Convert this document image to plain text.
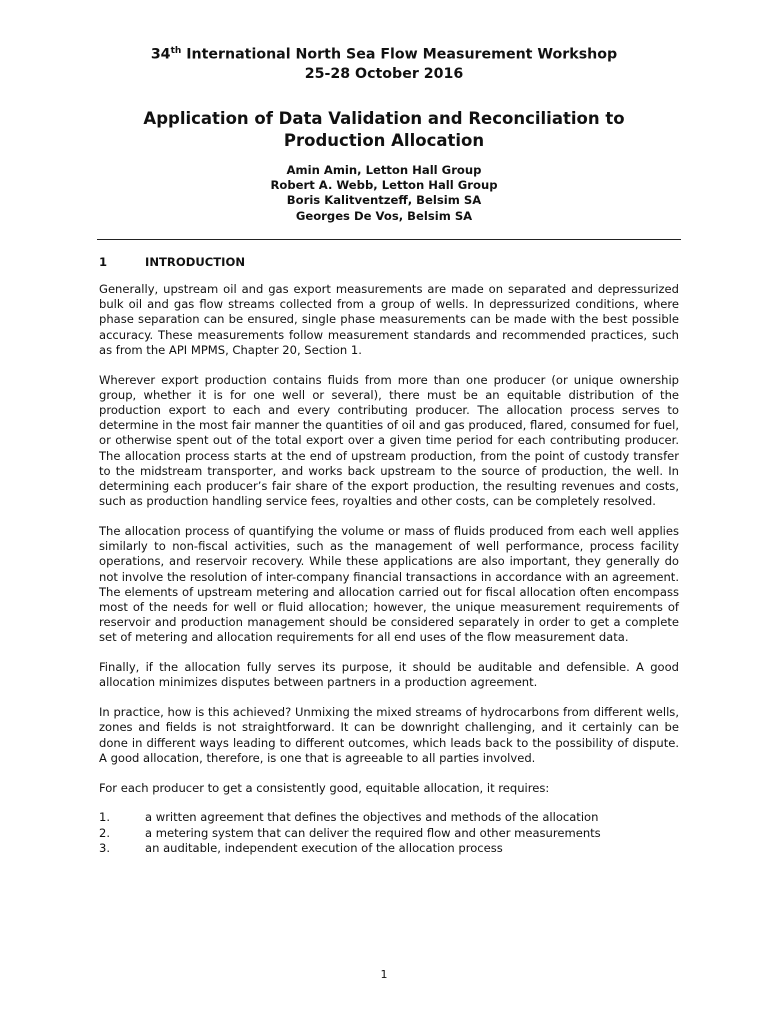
34th International North Sea Flow Measurement Workshop
25-28 October 2016
Application of Data Validation and Reconciliation to
Production Allocation
Amin Amin, Letton Hall Group
Robert A. Webb, Letton Hall Group
Boris Kalitventzeff, Belsim SA
Georges De Vos, Belsim SA
1	INTRODUCTION

Generally, upstream oil and gas export measurements are made on separated and depressurized bulk oil and gas flow streams collected from a group of wells. In depressurized conditions, where phase separation can be ensured, single phase measurements can be made with the best possible accuracy. These measurements follow measurement standards and recommended practices, such as from the API MPMS, Chapter 20, Section 1.

Wherever export production contains fluids from more than one producer (or unique ownership group, whether it is for one well or several), there must be an equitable distribution of the production export to each and every contributing producer. The allocation process serves to determine in the most fair manner the quantities of oil and gas produced, flared, consumed for fuel, or otherwise spent out of the total export over a given time period for each contributing producer. The allocation process starts at the end of upstream production, from the point of custody transfer to the midstream transporter, and works back upstream to the source of production, the well. In determining each producer’s fair share of the export production, the resulting revenues and costs, such as production handling service fees, royalties and other costs, can be completely resolved.

The allocation process of quantifying the volume or mass of fluids produced from each well applies similarly to non-fiscal activities, such as the management of well performance, process facility operations, and reservoir recovery. While these applications are also important, they generally do not involve the resolution of inter-company financial transactions in accordance with an agreement. The elements of upstream metering and allocation carried out for fiscal allocation often encompass most of the needs for well or fluid allocation; however, the unique measurement requirements of reservoir and production management should be considered separately in order to get a complete set of metering and allocation requirements for all end uses of the flow measurement data.

Finally, if the allocation fully serves its purpose, it should be auditable and defensible. A good allocation minimizes disputes between partners in a production agreement.

In practice, how is this achieved? Unmixing the mixed streams of hydrocarbons from different wells, zones and fields is not straightforward. It can be downright challenging, and it certainly can be done in different ways leading to different outcomes, which leads back to the possibility of dispute. A good allocation, therefore, is one that is agreeable to all parties involved.

For each producer to get a consistently good, equitable allocation, it requires:

1.	a written agreement that defines the objectives and methods of the allocation
2.	a metering system that can deliver the required flow and other measurements
3.	an auditable, independent execution of the allocation process
1
